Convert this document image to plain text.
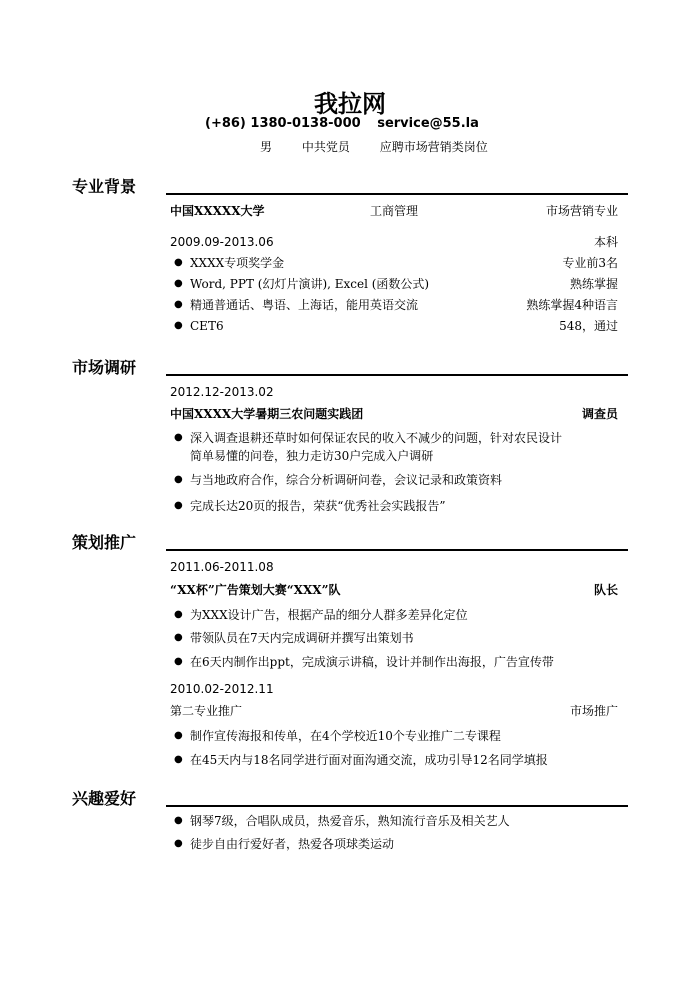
我拉网
(+86) 1380-0138-000 service@55.la
男 中共党员 应聘市场营销类岗位
专业背景
中国XXXXX大学	工商管理	市场营销专业
2009.09-2013.06	本科
● XXXX专项奖学金	专业前3名
● Word, PPT (幻灯片演讲), Excel (函数公式)	熟练掌握
● 精通普通话、粤语、上海话，能用英语交流	熟练掌握4种语言
● CET6	548，通过
市场调研
2012.12-2013.02
中国XXXX大学暑期三农问题实践团	调查员
● 深入调查退耕还草时如何保证农民的收入不减少的问题，针对农民设计
简单易懂的问卷，独力走访30户完成入户调研
● 与当地政府合作，综合分析调研问卷，会议记录和政策资料
● 完成长达20页的报告，荣获“优秀社会实践报告”
策划推广
2011.06-2011.08
“XX杯”广告策划大赛“XXX”队	队长
● 为XXX设计广告，根据产品的细分人群多差异化定位
● 带领队员在7天内完成调研并撰写出策划书
● 在6天内制作出ppt，完成演示讲稿，设计并制作出海报，广告宣传带
2010.02-2012.11
第二专业推广	市场推广
● 制作宣传海报和传单，在4个学校近10个专业推广二专课程
● 在45天内与18名同学进行面对面沟通交流，成功引导12名同学填报
兴趣爱好
● 钢琴7级，合唱队成员，热爱音乐，熟知流行音乐及相关艺人
● 徒步自由行爱好者，热爱各项球类运动
